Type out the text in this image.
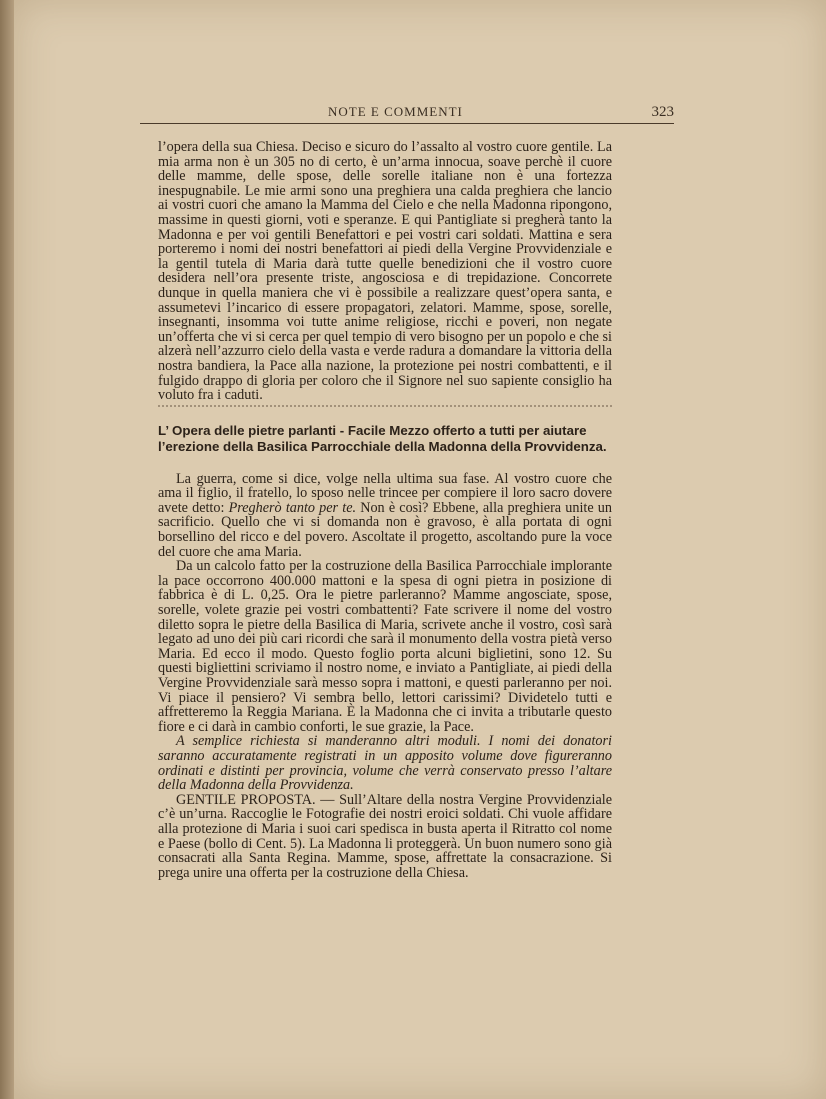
NOTE E COMMENTI	323

l’opera della sua Chiesa. Deciso e sicuro do l’assalto al vostro cuore gentile. La mia arma non è un 305 no di certo, è un’arma innocua, soave perchè il cuore delle mamme, delle spose, delle sorelle italiane non è una fortezza inespugnabile. Le mie armi sono una preghiera una calda preghiera che lancio ai vostri cuori che amano la Mamma del Cielo e che nella Madonna ripongono, massime in questi giorni, voti e speranze. E qui Pantigliate si pregherà tanto la Madonna e per voi gentili Benefattori e pei vostri cari soldati. Mattina e sera porteremo i nomi dei nostri benefattori ai piedi della Vergine Provvidenziale e la gentil tutela di Maria darà tutte quelle benedizioni che il vostro cuore desidera nell’ora presente triste, angosciosa e di trepidazione. Concorrete dunque in quella maniera che vi è possibile a realizzare quest’opera santa, e assumetevi l’incarico di essere propagatori, zelatori. Mamme, spose, sorelle, insegnanti, insomma voi tutte anime religiose, ricchi e poveri, non negate un’offerta che vi si cerca per quel tempio di vero bisogno per un popolo e che si alzerà nell’azzurro cielo della vasta e verde radura a domandare la vittoria della nostra bandiera, la Pace alla nazione, la protezione pei nostri combattenti, e il fulgido drappo di gloria per coloro che il Signore nel suo sapiente consiglio ha voluto fra i caduti.

L’ Opera delle pietre parlanti - Facile Mezzo offerto a tutti per aiutare l’erezione della Basilica Parrocchiale della Madonna della Provvidenza.

La guerra, come si dice, volge nella ultima sua fase. Al vostro cuore che ama il figlio, il fratello, lo sposo nelle trincee per compiere il loro sacro dovere avete detto: Pregherò tanto per te. Non è così? Ebbene, alla preghiera unite un sacrificio. Quello che vi si domanda non è gravoso, è alla portata di ogni borsellino del ricco e del povero. Ascoltate il progetto, ascoltando pure la voce del cuore che ama Maria.

Da un calcolo fatto per la costruzione della Basilica Parrocchiale implorante la pace occorrono 400.000 mattoni e la spesa di ogni pietra in posizione di fabbrica è di L. 0,25. Ora le pietre parleranno? Mamme angosciate, spose, sorelle, volete grazie pei vostri combattenti? Fate scrivere il nome del vostro diletto sopra le pietre della Basilica di Maria, scrivete anche il vostro, così sarà legato ad uno dei più cari ricordi che sarà il monumento della vostra pietà verso Maria. Ed ecco il modo. Questo foglio porta alcuni biglietini, sono 12. Su questi bigliettini scriviamo il nostro nome, e inviato a Pantigliate, ai piedi della Vergine Provvidenziale sarà messo sopra i mattoni, e questi parleranno per noi. Vi piace il pensiero? Vi sembra bello, lettori carissimi? Dividetelo tutti e affretteremo la Reggia Mariana. È la Madonna che ci invita a tributarle questo fiore e ci darà in cambio conforti, le sue grazie, la Pace.

A semplice richiesta si manderanno altri moduli. I nomi dei donatori saranno accuratamente registrati in un apposito volume dove figureranno ordinati e distinti per provincia, volume che verrà conservato presso l’altare della Madonna della Provvidenza.

GENTILE PROPOSTA. — Sull’Altare della nostra Vergine Provvidenziale c’è un’urna. Raccoglie le Fotografie dei nostri eroici soldati. Chi vuole affidare alla protezione di Maria i suoi cari spedisca in busta aperta il Ritratto col nome e Paese (bollo di Cent. 5). La Madonna li proteggerà. Un buon numero sono già consacrati alla Santa Regina. Mamme, spose, affrettate la consacrazione. Si prega unire una offerta per la costruzione della Chiesa.
